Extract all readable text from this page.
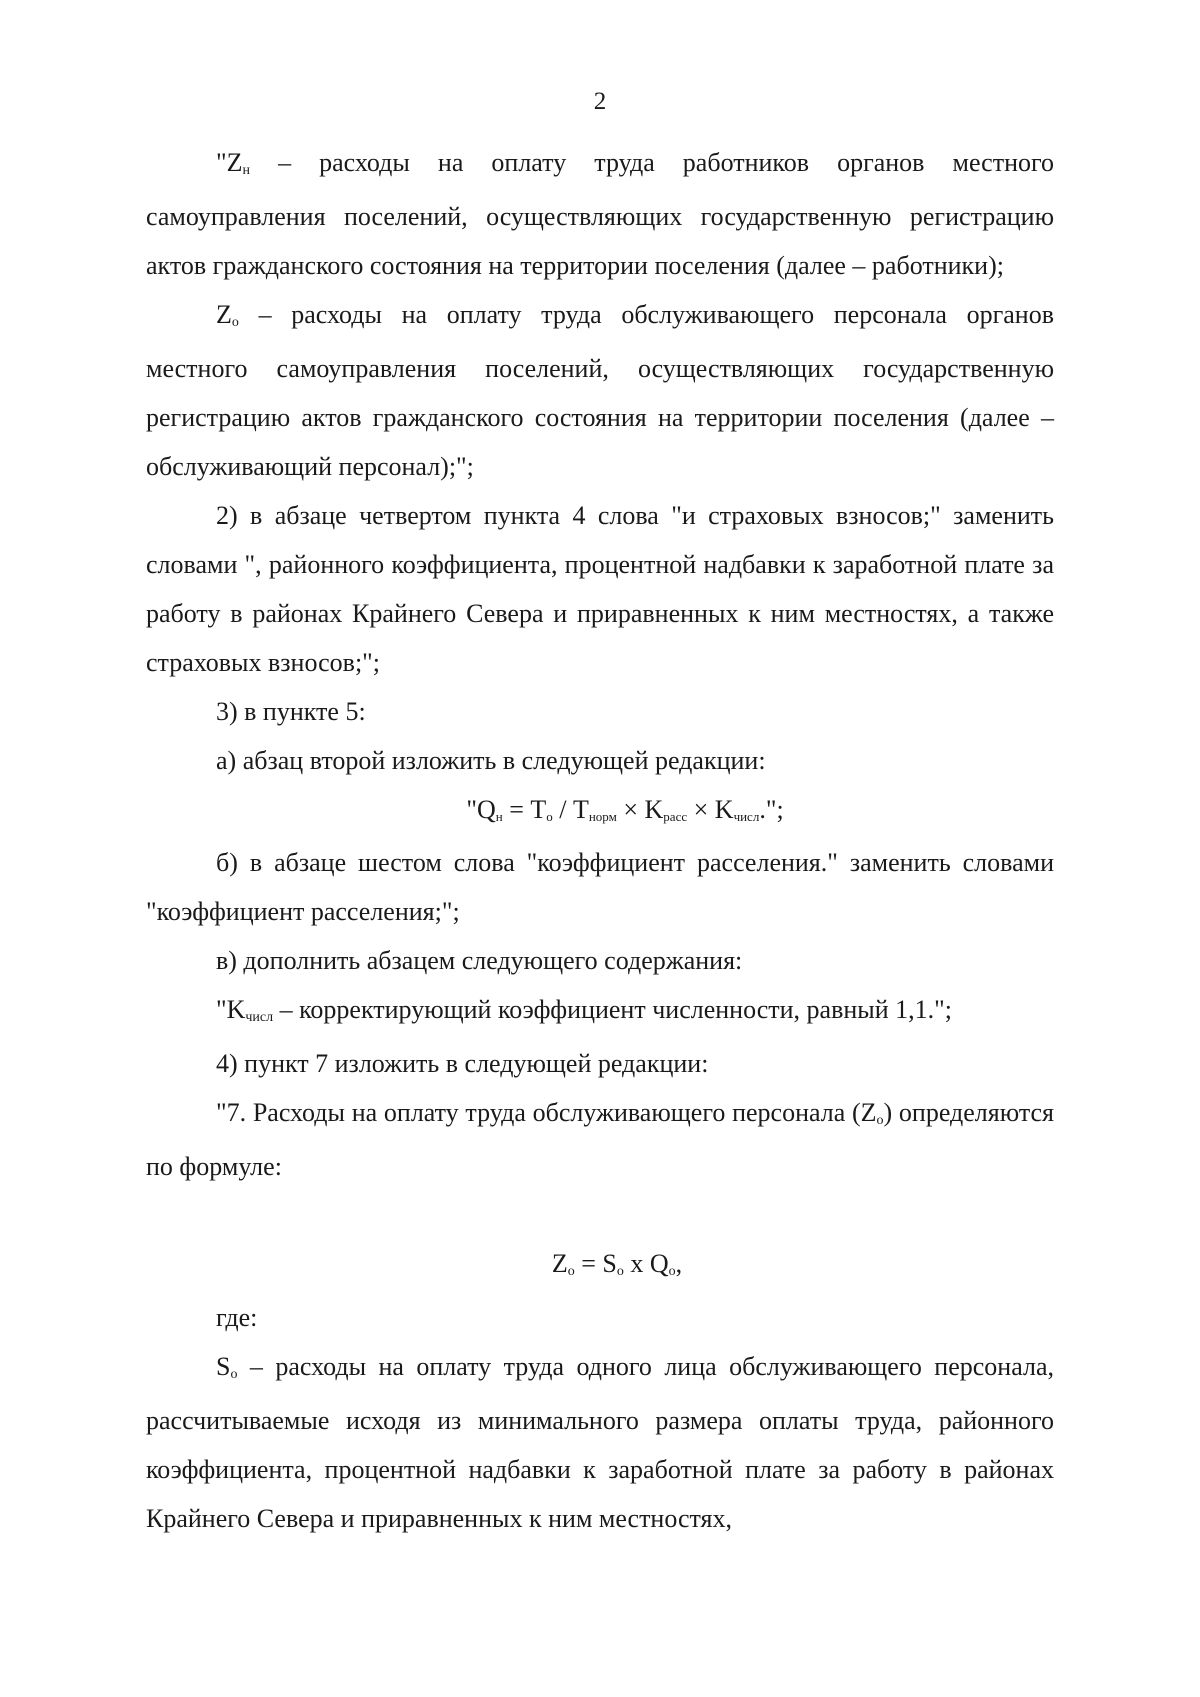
2

"Zн – расходы на оплату труда работников органов местного самоуправления поселений, осуществляющих государственную регистрацию актов гражданского состояния на территории поселения (далее – работники);

Zо – расходы на оплату труда обслуживающего персонала органов местного самоуправления поселений, осуществляющих государственную регистрацию актов гражданского состояния на территории поселения (далее – обслуживающий персонал);";

2) в абзаце четвертом пункта 4 слова "и страховых взносов;" заменить словами ", районного коэффициента, процентной надбавки к заработной плате за работу в районах Крайнего Севера и приравненных к ним местностях, а также страховых взносов;";

3) в пункте 5:

а) абзац второй изложить в следующей редакции:

"Qн = Tо / Tнорм × Kрасс × Kчисл.";

б) в абзаце шестом слова "коэффициент расселения." заменить словами "коэффициент расселения;";

в) дополнить абзацем следующего содержания:

"Kчисл – корректирующий коэффициент численности, равный 1,1.";

4) пункт 7 изложить в следующей редакции:

"7. Расходы на оплату труда обслуживающего персонала (Zо) определяются по формуле:

Zо = Sо x Qо,

где:

Sо – расходы на оплату труда одного лица обслуживающего персонала, рассчитываемые исходя из минимального размера оплаты труда, районного коэффициента, процентной надбавки к заработной плате за работу в районах Крайнего Севера и приравненных к ним местностях,
